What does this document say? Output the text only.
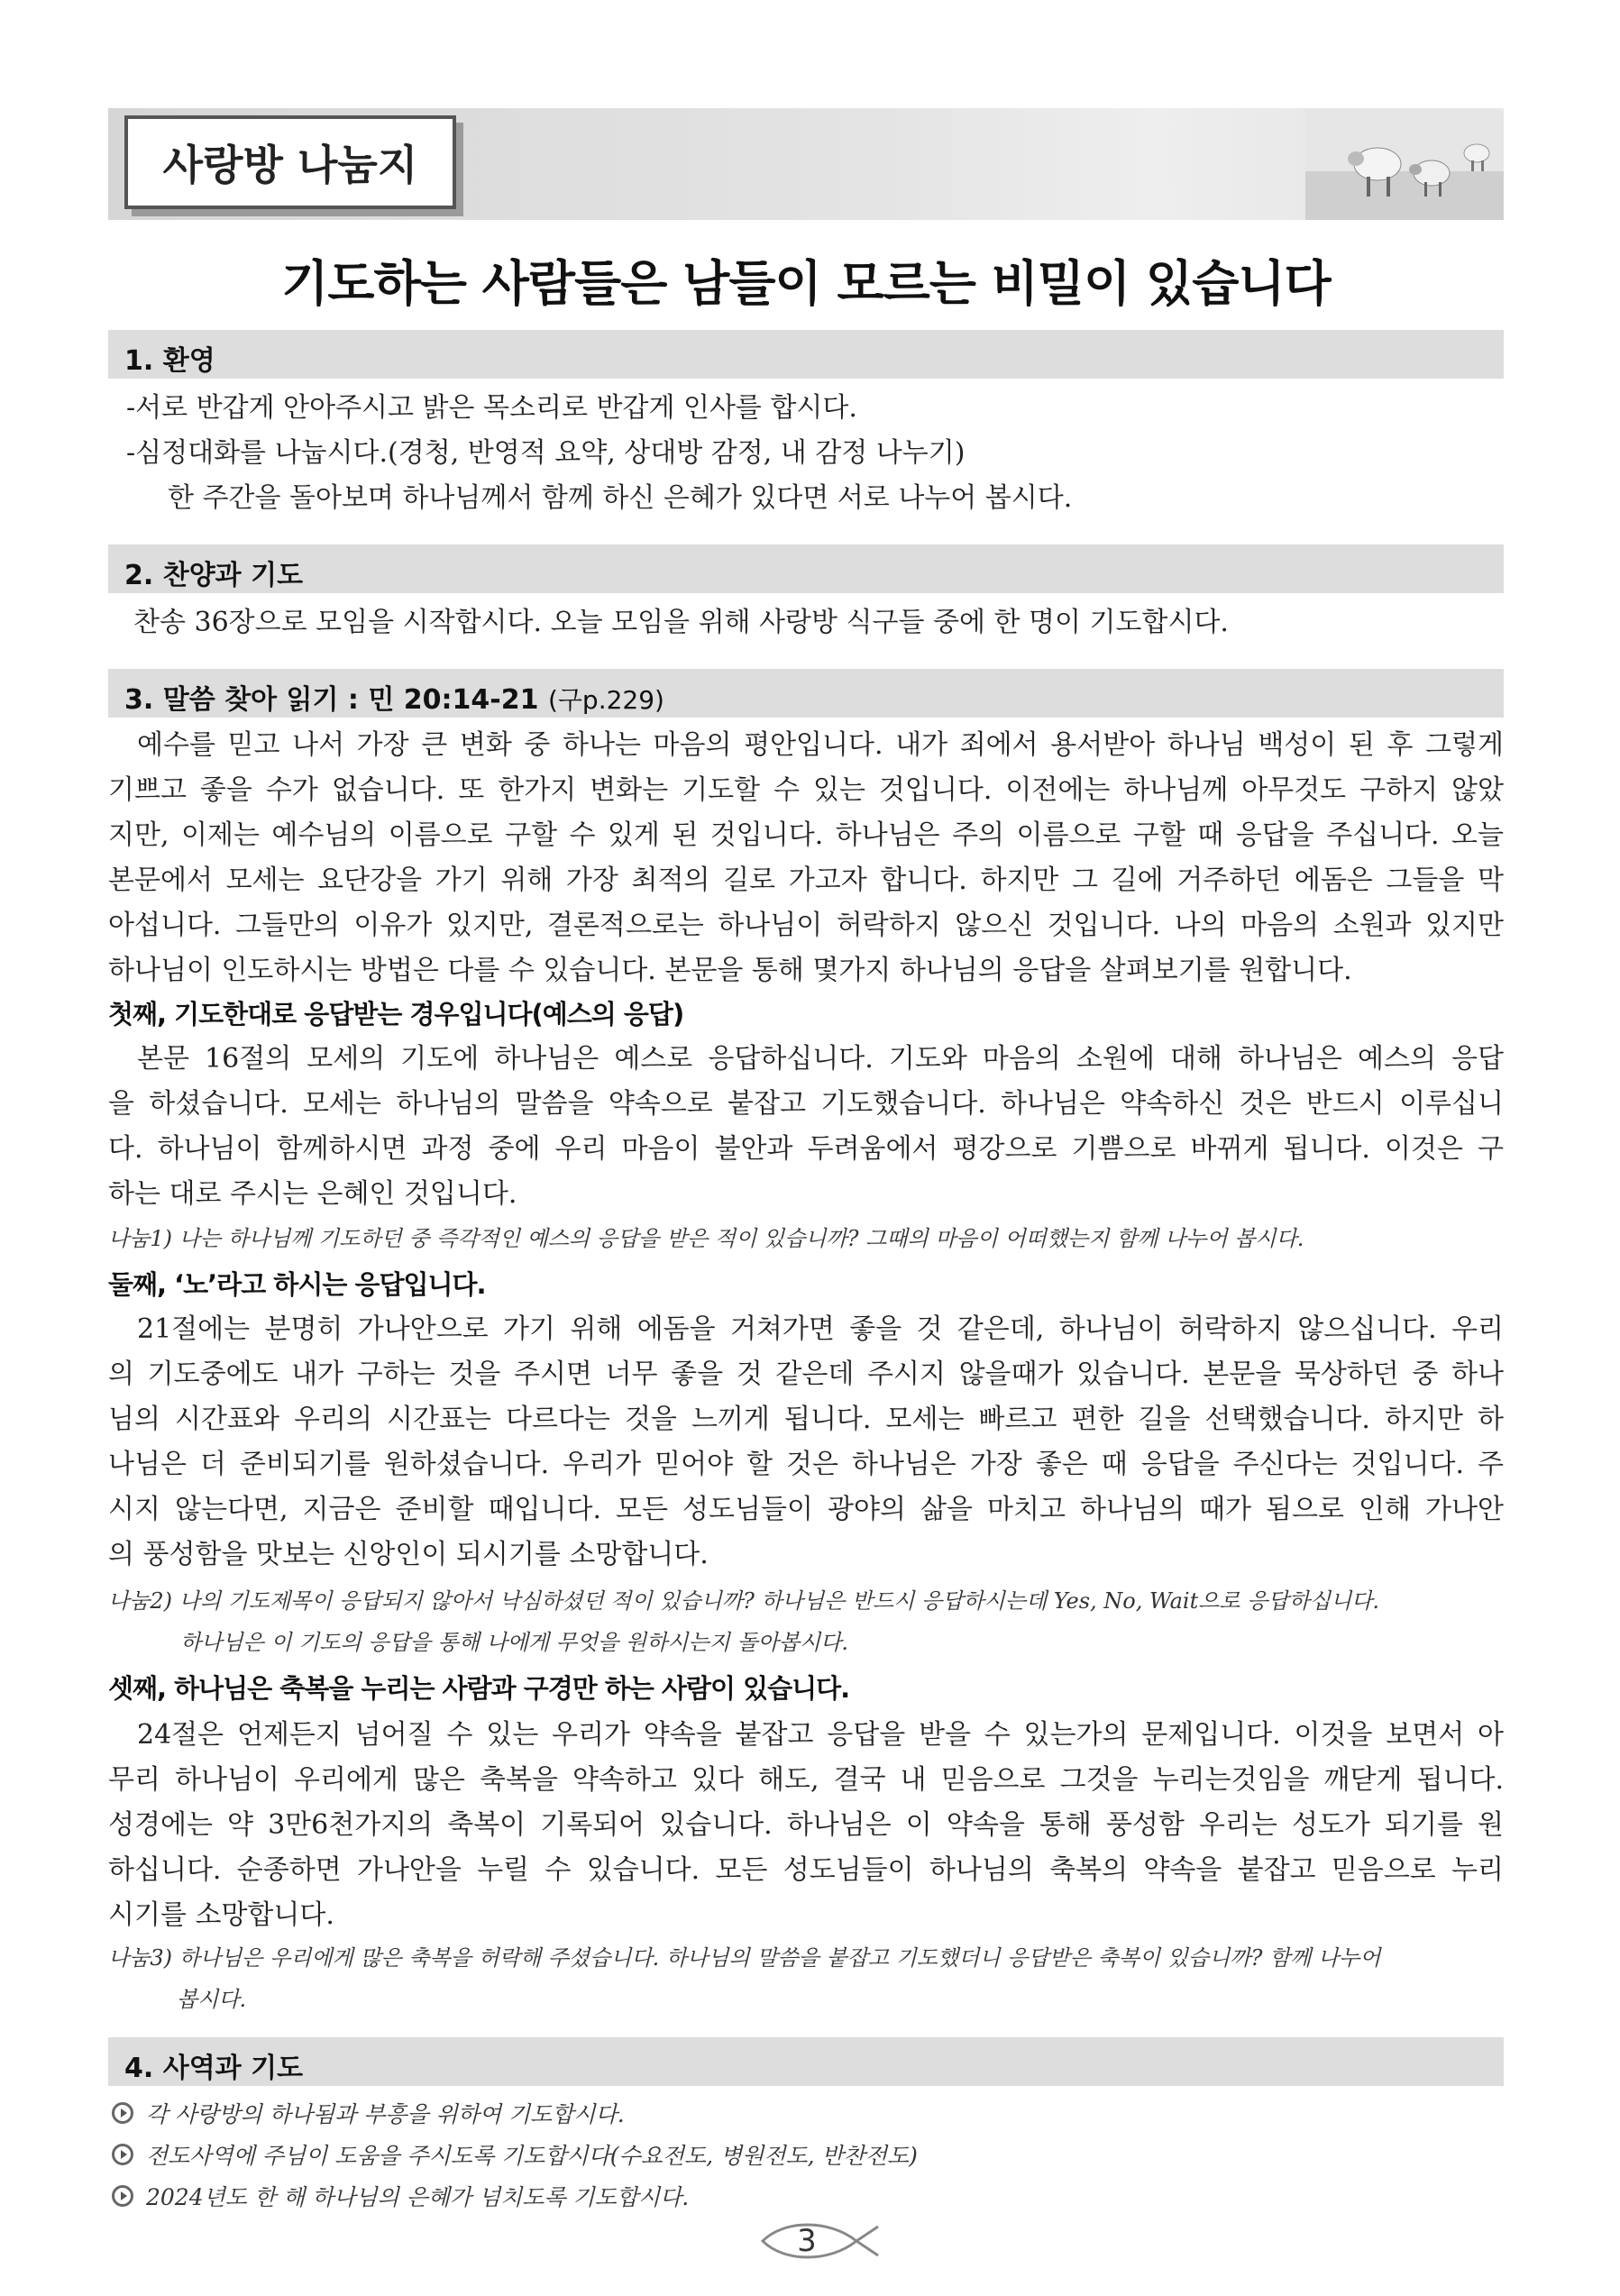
사랑방 나눔지
기도하는 사람들은 남들이 모르는 비밀이 있습니다
1. 환영
-서로 반갑게 안아주시고 밝은 목소리로 반갑게 인사를 합시다.
-심정대화를 나눕시다.(경청, 반영적 요약, 상대방 감정, 내 감정 나누기)
한 주간을 돌아보며 하나님께서 함께 하신 은혜가 있다면 서로 나누어 봅시다.
2. 찬양과 기도
찬송 36장으로 모임을 시작합시다. 오늘 모임을 위해 사랑방 식구들 중에 한 명이 기도합시다.
3. 말씀 찾아 읽기 : 민 20:14-21 (구p.229)
예수를 믿고 나서 가장 큰 변화 중 하나는 마음의 평안입니다. 내가 죄에서 용서받아 하나님 백성이 된 후 그렇게
기쁘고 좋을 수가 없습니다. 또 한가지 변화는 기도할 수 있는 것입니다. 이전에는 하나님께 아무것도 구하지 않았
지만, 이제는 예수님의 이름으로 구할 수 있게 된 것입니다. 하나님은 주의 이름으로 구할 때 응답을 주십니다. 오늘
본문에서 모세는 요단강을 가기 위해 가장 최적의 길로 가고자 합니다. 하지만 그 길에 거주하던 에돔은 그들을 막
아섭니다. 그들만의 이유가 있지만, 결론적으로는 하나님이 허락하지 않으신 것입니다. 나의 마음의 소원과 있지만
하나님이 인도하시는 방법은 다를 수 있습니다. 본문을 통해 몇가지 하나님의 응답을 살펴보기를 원합니다.
첫째, 기도한대로 응답받는 경우입니다(예스의 응답)
본문 16절의 모세의 기도에 하나님은 예스로 응답하십니다. 기도와 마음의 소원에 대해 하나님은 예스의 응답
을 하셨습니다. 모세는 하나님의 말씀을 약속으로 붙잡고 기도했습니다. 하나님은 약속하신 것은 반드시 이루십니
다. 하나님이 함께하시면 과정 중에 우리 마음이 불안과 두려움에서 평강으로 기쁨으로 바뀌게 됩니다. 이것은 구
하는 대로 주시는 은혜인 것입니다.
나눔1) 나는 하나님께 기도하던 중 즉각적인 예스의 응답을 받은 적이 있습니까? 그때의 마음이 어떠했는지 함께 나누어 봅시다.
둘째, ‘노’라고 하시는 응답입니다.
21절에는 분명히 가나안으로 가기 위해 에돔을 거쳐가면 좋을 것 같은데, 하나님이 허락하지 않으십니다. 우리
의 기도중에도 내가 구하는 것을 주시면 너무 좋을 것 같은데 주시지 않을때가 있습니다. 본문을 묵상하던 중 하나
님의 시간표와 우리의 시간표는 다르다는 것을 느끼게 됩니다. 모세는 빠르고 편한 길을 선택했습니다. 하지만 하
나님은 더 준비되기를 원하셨습니다. 우리가 믿어야 할 것은 하나님은 가장 좋은 때 응답을 주신다는 것입니다. 주
시지 않는다면, 지금은 준비할 때입니다. 모든 성도님들이 광야의 삶을 마치고 하나님의 때가 됨으로 인해 가나안
의 풍성함을 맛보는 신앙인이 되시기를 소망합니다.
나눔2) 나의 기도제목이 응답되지 않아서 낙심하셨던 적이 있습니까? 하나님은 반드시 응답하시는데 Yes, No, Wait으로 응답하십니다.
하나님은 이 기도의 응답을 통해 나에게 무엇을 원하시는지 돌아봅시다.
셋째, 하나님은 축복을 누리는 사람과 구경만 하는 사람이 있습니다.
24절은 언제든지 넘어질 수 있는 우리가 약속을 붙잡고 응답을 받을 수 있는가의 문제입니다. 이것을 보면서 아
무리 하나님이 우리에게 많은 축복을 약속하고 있다 해도, 결국 내 믿음으로 그것을 누리는것임을 깨닫게 됩니다.
성경에는 약 3만6천가지의 축복이 기록되어 있습니다. 하나님은 이 약속을 통해 풍성함 우리는 성도가 되기를 원
하십니다. 순종하면 가나안을 누릴 수 있습니다. 모든 성도님들이 하나님의 축복의 약속을 붙잡고 믿음으로 누리
시기를 소망합니다.
나눔3) 하나님은 우리에게 많은 축복을 허락해 주셨습니다. 하나님의 말씀을 붙잡고 기도했더니 응답받은 축복이 있습니까? 함께 나누어
봅시다.
4. 사역과 기도
각 사랑방의 하나됨과 부흥을 위하여 기도합시다.
전도사역에 주님이 도움을 주시도록 기도합시다(수요전도, 병원전도, 반찬전도)
2024년도 한 해 하나님의 은혜가 넘치도록 기도합시다.
3
